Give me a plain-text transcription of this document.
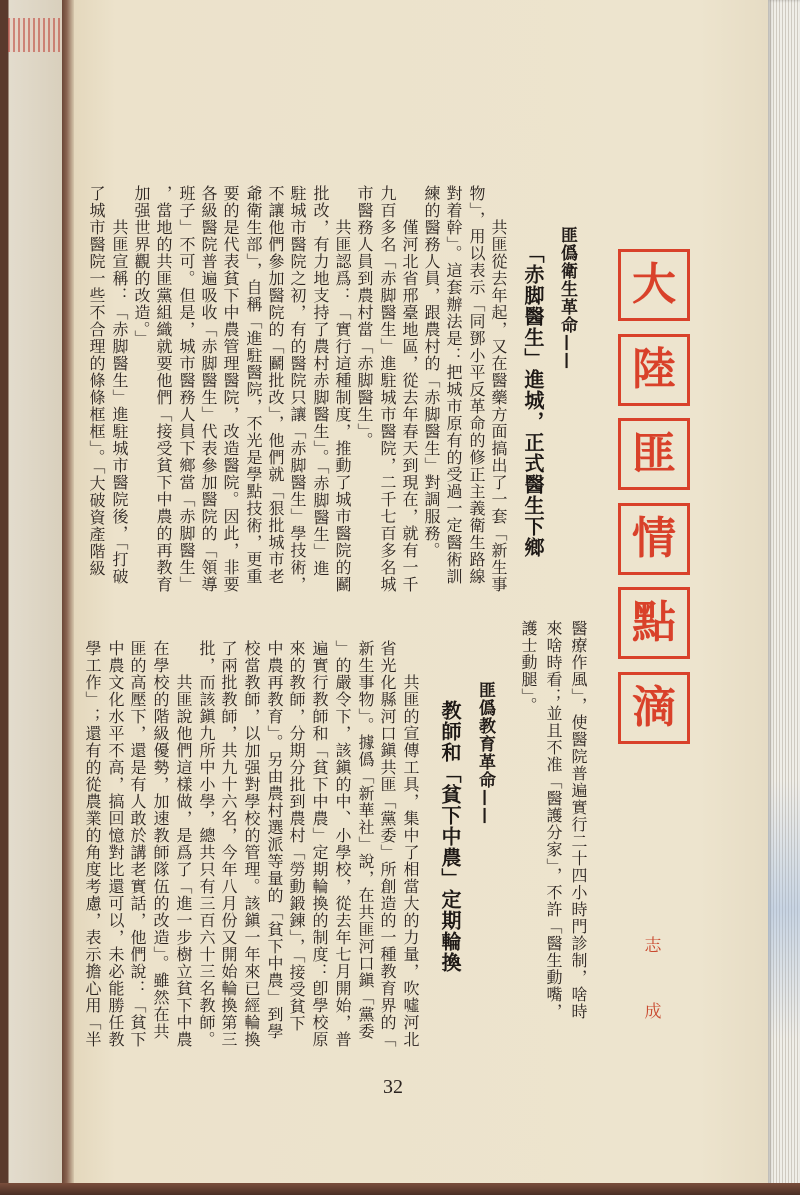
大
陸
匪
情
點
滴
志
成
匪僞衛生革命——
「赤脚醫生」進城，正式醫生下鄉
共匪從去年起，又在醫藥方面搞出了一套「新生事
物」，用以表示「同鄧小平反革命的修正主義衛生路線
對着幹」。這套辦法是：把城市原有的受過一定醫術訓
練的醫務人員，跟農村的「赤脚醫生」對調服務。
僅河北省邢臺地區，從去年春天到現在，就有一千
九百多名「赤脚醫生」進駐城市醫院，二千七百多名城
市醫務人員到農村當「赤脚醫生」。
共匪認爲：「實行這種制度，推動了城市醫院的鬬
批改，有力地支持了農村赤脚醫生」。「赤脚醫生」進
駐城市醫院之初，有的醫院只讓「赤脚醫生」學技術，
不讓他們參加醫院的「鬬批改」，他們就「狠批城市老
爺衛生部」，自稱「進駐醫院，不光是學點技術，更重
要的是代表貧下中農管理醫院，改造醫院。因此，非要
各級醫院普遍吸收「赤脚醫生」代表參加醫院的「領導
班子」不可。但是，城市醫務人員下鄉當「赤脚醫生」
，當地的共匪黨組織就要他們「接受貧下中農的再教育
加强世界觀的改造。」
共匪宣稱：「赤脚醫生」進駐城市醫院後，「打破
了城市醫院一些不合理的條條框框」。「大破資產階級
醫療作風」，使醫院普遍實行二十四小時門診制，啥時
來啥時看；並且不准「醫護分家」，不許「醫生動嘴，
護士動腿」。
匪僞教育革命——
教師和「貧下中農」定期輪換
共匪的宣傳工具，集中了相當大的力量，吹噓河北
省光化縣河口鎭共匪「黨委」所創造的一種教育界的「
新生事物」。據僞「新華社」說，在共匪河口鎭「黨委
」的嚴令下，該鎭的中、小學校，從去年七月開始，普
遍實行教師和「貧下中農」定期輪換的制度：卽學校原
來的教師，分期分批到農村「勞動鍛鍊」，「接受貧下
中農再教育」。另由農村選派等量的「貧下中農」到學
校當教師，以加强對學校的管理。該鎭一年來已經輪換
了兩批教師，共九十六名，今年八月份又開始輪換第三
批，而該鎭九所中小學，總共只有三百六十三名教師。
共匪說他們這樣做，是爲了「進一步樹立貧下中農
在學校的階級優勢，加速教師隊伍的改造」。雖然在共
匪的高壓下，還是有人敢於講老實話，他們說：「貧下
中農文化水平不高，搞回憶對比還可以，未必能勝任教
學工作」；還有的從農業的角度考慮，表示擔心用「半
32
